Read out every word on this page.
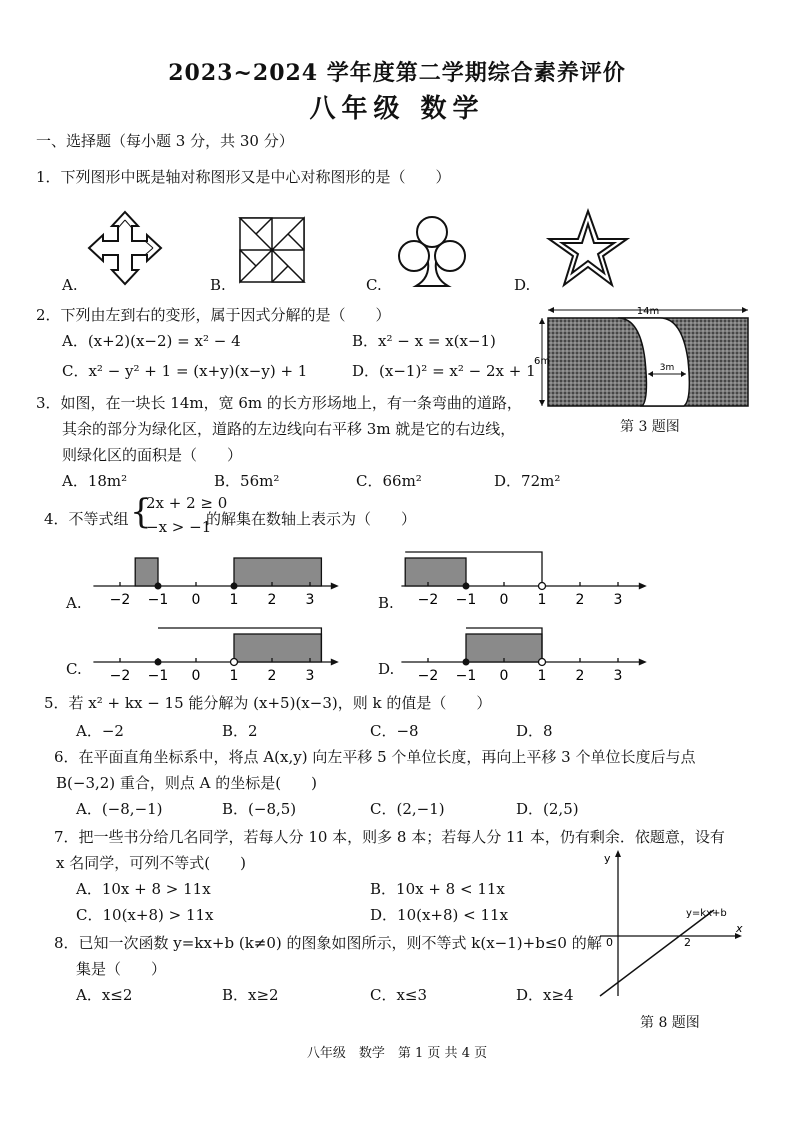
2023~2024 学年度第二学期综合素养评价
八年级 数学
一、选择题（每小题 3 分，共 30 分）
1．下列图形中既是轴对称图形又是中心对称图形的是（　　）
A.	B.	C.	D.
2．下列由左到右的变形，属于因式分解的是（　　）
A．(x+2)(x−2) = x² − 4	B．x² − x = x(x−1)
C．x² − y² + 1 = (x+y)(x−y) + 1	D．(x−1)² = x² − 2x + 1
14m
6m
3m
第 3 题图
3．如图，在一块长 14m，宽 6m 的长方形场地上，有一条弯曲的道路，
其余的部分为绿化区，道路的左边线向右平移 3m 就是它的右边线，
则绿化区的面积是（　　）
A．18m²	B．56m²	C．66m²	D．72m²
4．不等式组 {
2x + 2 ≥ 0
−x > −1
的解集在数轴上表示为（　　）
−2 −1 0 1 2 3	−2 −1 0 1 2 3
−2 −1 0 1 2 3	−2 −1 0 1 2 3
A.	B.
C.	D.
5．若 x² + kx − 15 能分解为 (x+5)(x−3)，则 k 的值是（　　）
A．−2	B．2	C．−8	D．8
6．在平面直角坐标系中，将点 A(x,y) 向左平移 5 个单位长度，再向上平移 3 个单位长度后与点
B(−3,2) 重合，则点 A 的坐标是(　　)
A．(−8,−1)	B．(−8,5)	C．(2,−1)	D．(2,5)
7．把一些书分给几名同学，若每人分 10 本，则多 8 本；若每人分 11 本，仍有剩余．依题意，设有
x 名同学，可列不等式(　　)
A．10x + 8 > 11x	B．10x + 8 < 11x
C．10(x+8) > 11x	D．10(x+8) < 11x
8．已知一次函数 y=kx+b (k≠0) 的图象如图所示，则不等式 k(x−1)+b≤0 的解
集是（　　）
A．x≤2	B．x≥2	C．x≤3	D．x≥4
y
x
0	2
y=kx+b
第 8 题图
八年级　数学　第 1 页 共 4 页
